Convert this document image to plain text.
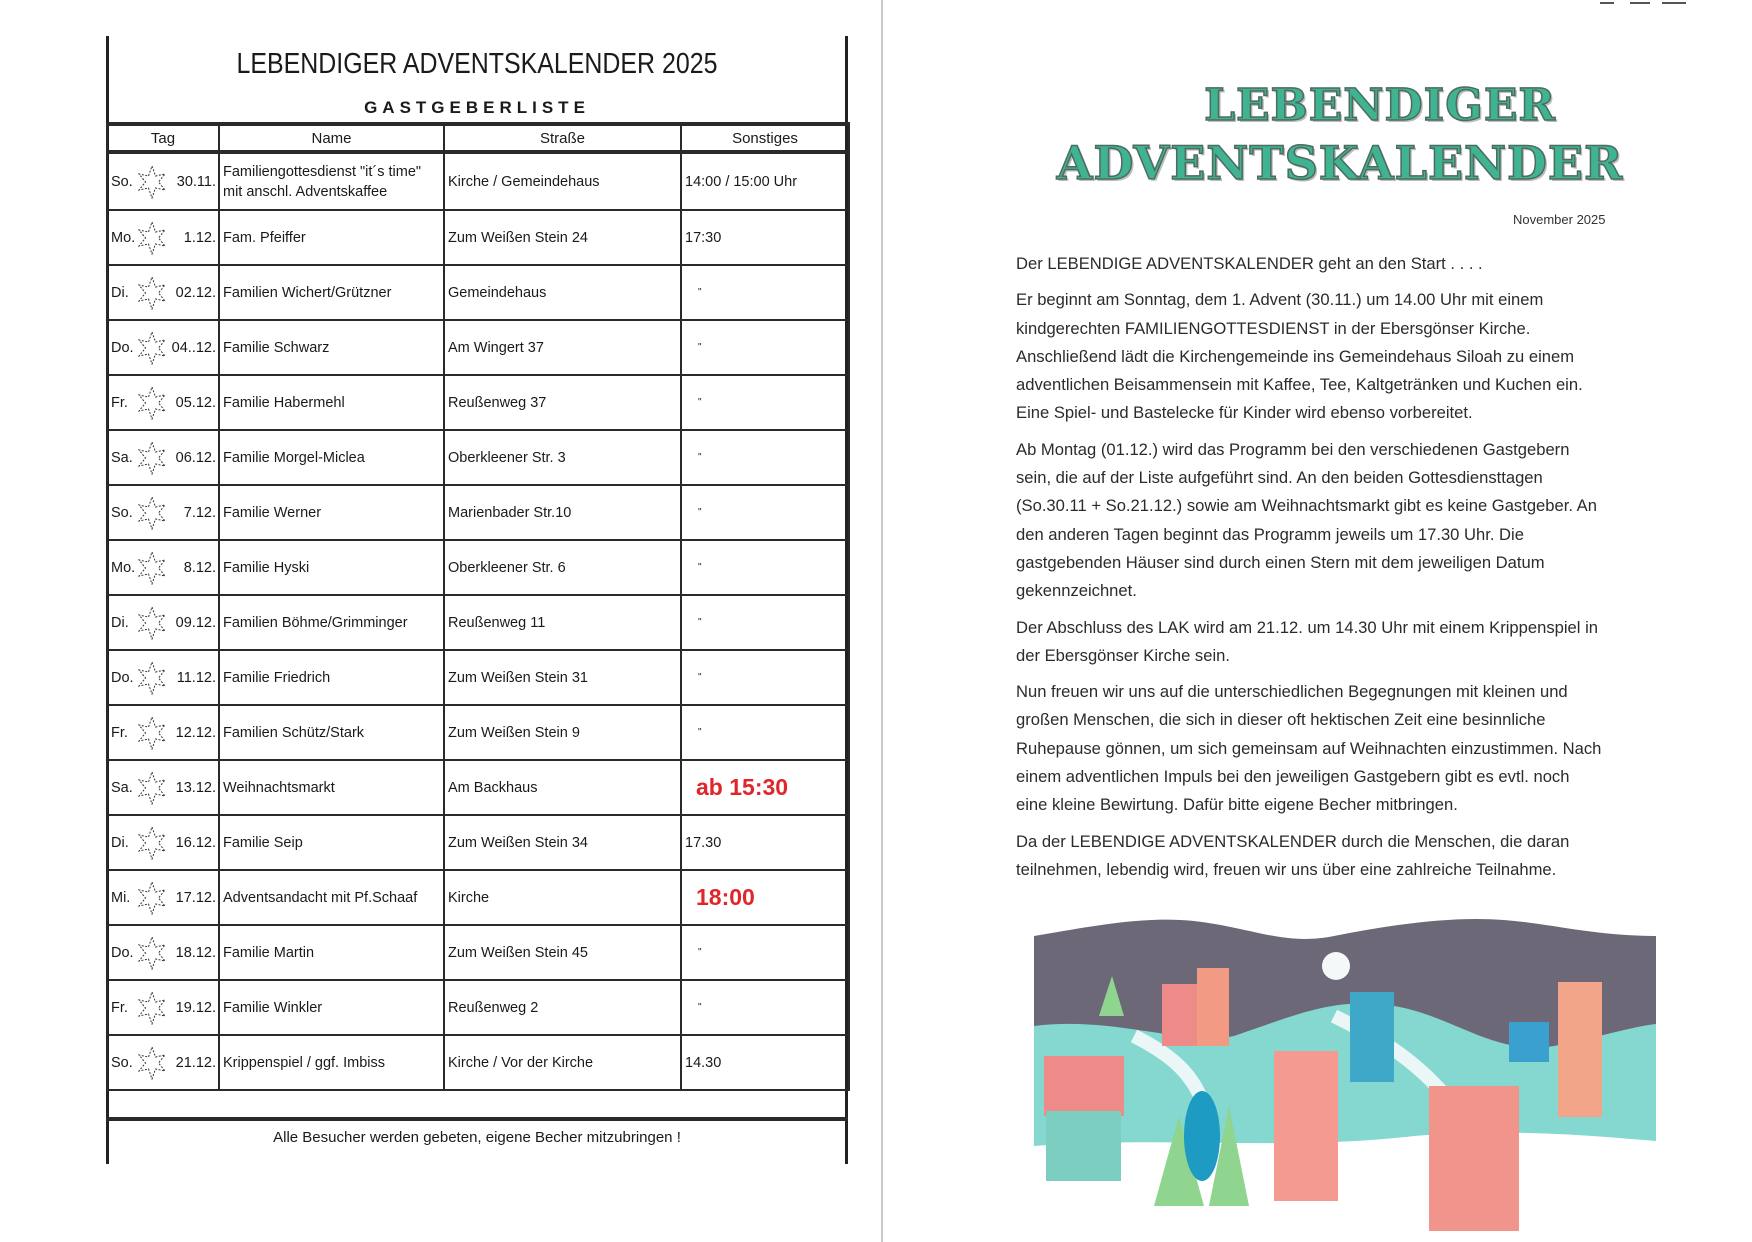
LEBENDIGER ADVENTSKALENDER 2025
GASTGEBERLISTE
Tag	Name	Straße	Sonstiges

So. 30.11.	Familiengottesdienst "it´s time"
mit anschl. Adventskaffee	Kirche / Gemeindehaus	14:00 / 15:00 Uhr

Mo. 1.12.	Fam. Pfeiffer	Zum Weißen Stein 24	17:30

Di. 02.12.	Familien Wichert/Grützner	Gemeindehaus	"

Do. 04..12.	Familie Schwarz	Am Wingert 37	"

Fr. 05.12.	Familie Habermehl	Reußenweg 37	"

Sa. 06.12.	Familie Morgel-Miclea	Oberkleener Str. 3	"

So. 7.12.	Familie Werner	Marienbader Str.10	"

Mo. 8.12.	Familie Hyski	Oberkleener Str. 6	"

Di. 09.12.	Familien Böhme/Grimminger	Reußenweg 11	"

Do. 11.12.	Familie Friedrich	Zum Weißen Stein 31	"

Fr. 12.12.	Familien Schütz/Stark	Zum Weißen Stein 9	"

Sa. 13.12.	Weihnachtsmarkt	Am Backhaus	ab 15:30

Di. 16.12.	Familie Seip	Zum Weißen Stein 34	17.30

Mi. 17.12.	Adventsandacht mit Pf.Schaaf	Kirche	18:00

Do. 18.12.	Familie Martin	Zum Weißen Stein 45	"

Fr. 19.12.	Familie Winkler	Reußenweg 2	"

So. 21.12.	Krippenspiel / ggf. Imbiss	Kirche / Vor der Kirche	14.30
Alle Besucher werden gebeten, eigene Becher mitzubringen !
LEBENDIGER
ADVENTSKALENDER
November 2025

Der LEBENDIGE ADVENTSKALENDER geht an den Start . . . .

Er beginnt am Sonntag, dem 1. Advent (30.11.) um 14.00 Uhr mit einem
kindgerechten FAMILIENGOTTESDIENST in der Ebersgönser Kirche.
Anschließend lädt die Kirchengemeinde ins Gemeindehaus Siloah zu einem
adventlichen Beisammensein mit Kaffee, Tee, Kaltgetränken und Kuchen ein.
Eine Spiel- und Bastelecke für Kinder wird ebenso vorbereitet.

Ab Montag (01.12.) wird das Programm bei den verschiedenen Gastgebern
sein, die auf der Liste aufgeführt sind. An den beiden Gottesdiensttagen
(So.30.11 + So.21.12.) sowie am Weihnachtsmarkt gibt es keine Gastgeber. An
den anderen Tagen beginnt das Programm jeweils um 17.30 Uhr. Die
gastgebenden Häuser sind durch einen Stern mit dem jeweiligen Datum
gekennzeichnet.

Der Abschluss des LAK wird am 21.12. um 14.30 Uhr mit einem Krippenspiel in
der Ebersgönser Kirche sein.

Nun freuen wir uns auf die unterschiedlichen Begegnungen mit kleinen und
großen Menschen, die sich in dieser oft hektischen Zeit eine besinnliche
Ruhepause gönnen, um sich gemeinsam auf Weihnachten einzustimmen. Nach
einem adventlichen Impuls bei den jeweiligen Gastgebern gibt es evtl. noch
eine kleine Bewirtung. Dafür bitte eigene Becher mitbringen.

Da der LEBENDIGE ADVENTSKALENDER durch die Menschen, die daran
teilnehmen, lebendig wird, freuen wir uns über eine zahlreiche Teilnahme.
